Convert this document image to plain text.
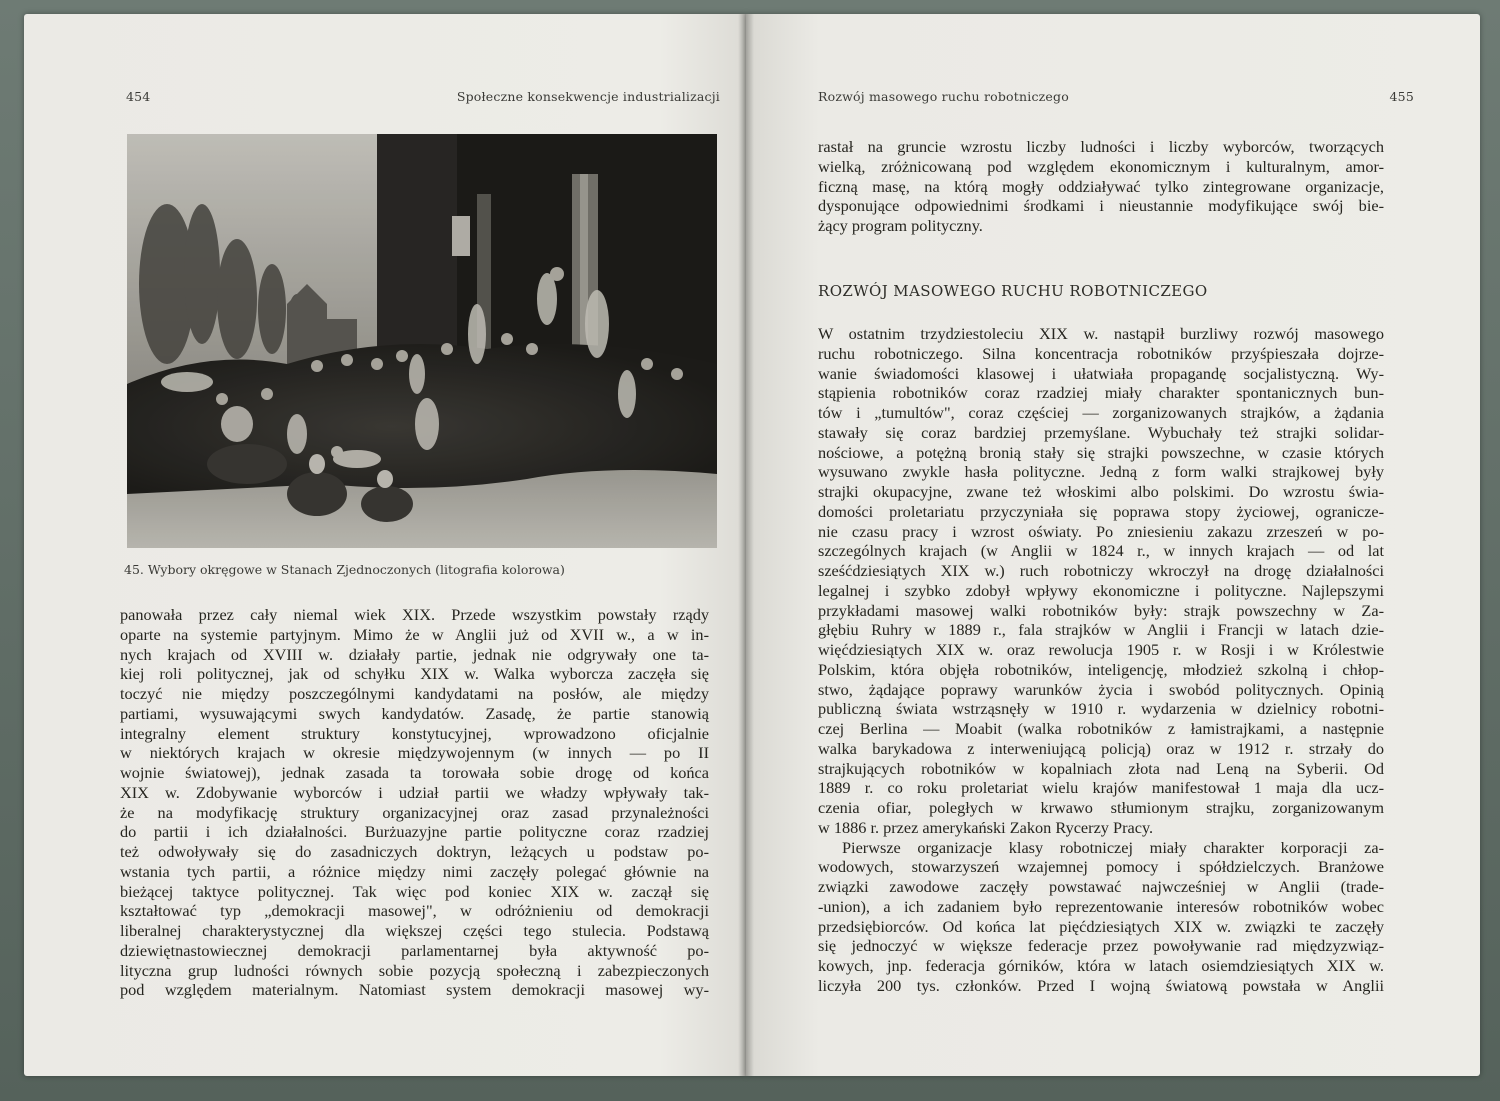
454	Społeczne konsekwencje industrializacji
45. Wybory okręgowe w Stanach Zjednoczonych (litografia kolorowa)
panowała przez cały niemal wiek XIX. Przede wszystkim powstały rządy
oparte na systemie partyjnym. Mimo że w Anglii już od XVII w., a w in-
nych krajach od XVIII w. działały partie, jednak nie odgrywały one ta-
kiej roli politycznej, jak od schyłku XIX w. Walka wyborcza zaczęła się
toczyć nie między poszczególnymi kandydatami na posłów, ale między
partiami, wysuwającymi swych kandydatów. Zasadę, że partie stanowią
integralny element struktury konstytucyjnej, wprowadzono oficjalnie
w niektórych krajach w okresie międzywojennym (w innych — po II
wojnie światowej), jednak zasada ta torowała sobie drogę od końca
XIX w. Zdobywanie wyborców i udział partii we władzy wpływały tak-
że na modyfikację struktury organizacyjnej oraz zasad przynależności
do partii i ich działalności. Burżuazyjne partie polityczne coraz rzadziej
też odwoływały się do zasadniczych doktryn, leżących u podstaw po-
wstania tych partii, a różnice między nimi zaczęły polegać głównie na
bieżącej taktyce politycznej. Tak więc pod koniec XIX w. zaczął się
kształtować typ „demokracji masowej", w odróżnieniu od demokracji
liberalnej charakterystycznej dla większej części tego stulecia. Podstawą
dziewiętnastowiecznej demokracji parlamentarnej była aktywność po-
lityczna grup ludności równych sobie pozycją społeczną i zabezpieczonych
pod względem materialnym. Natomiast system demokracji masowej wy-
Rozwój masowego ruchu robotniczego	455
rastał na gruncie wzrostu liczby ludności i liczby wyborców, tworzących
wielką, zróżnicowaną pod względem ekonomicznym i kulturalnym, amor-
ficzną masę, na którą mogły oddziaływać tylko zintegrowane organizacje,
dysponujące odpowiednimi środkami i nieustannie modyfikujące swój bie-
żący program polityczny.
ROZWÓJ MASOWEGO RUCHU ROBOTNICZEGO
W ostatnim trzydziestoleciu XIX w. nastąpił burzliwy rozwój masowego
ruchu robotniczego. Silna koncentracja robotników przyśpieszała dojrze-
wanie świadomości klasowej i ułatwiała propagandę socjalistyczną. Wy-
stąpienia robotników coraz rzadziej miały charakter spontanicznych bun-
tów i „tumultów", coraz częściej — zorganizowanych strajków, a żądania
stawały się coraz bardziej przemyślane. Wybuchały też strajki solidar-
nościowe, a potężną bronią stały się strajki powszechne, w czasie których
wysuwano zwykle hasła polityczne. Jedną z form walki strajkowej były
strajki okupacyjne, zwane też włoskimi albo polskimi. Do wzrostu świa-
domości proletariatu przyczyniała się poprawa stopy życiowej, ogranicze-
nie czasu pracy i wzrost oświaty. Po zniesieniu zakazu zrzeszeń w po-
szczególnych krajach (w Anglii w 1824 r., w innych krajach — od lat
sześćdziesiątych XIX w.) ruch robotniczy wkroczył na drogę działalności
legalnej i szybko zdobył wpływy ekonomiczne i polityczne. Najlepszymi
przykładami masowej walki robotników były: strajk powszechny w Za-
głębiu Ruhry w 1889 r., fala strajków w Anglii i Francji w latach dzie-
więćdziesiątych XIX w. oraz rewolucja 1905 r. w Rosji i w Królestwie
Polskim, która objęła robotników, inteligencję, młodzież szkolną i chłop-
stwo, żądające poprawy warunków życia i swobód politycznych. Opinią
publiczną świata wstrząsnęły w 1910 r. wydarzenia w dzielnicy robotni-
czej Berlina — Moabit (walka robotników z łamistrajkami, a następnie
walka barykadowa z interweniującą policją) oraz w 1912 r. strzały do
strajkujących robotników w kopalniach złota nad Leną na Syberii. Od
1889 r. co roku proletariat wielu krajów manifestował 1 maja dla ucz-
czenia ofiar, poległych w krwawo stłumionym strajku, zorganizowanym
w 1886 r. przez amerykański Zakon Rycerzy Pracy.
Pierwsze organizacje klasy robotniczej miały charakter korporacji za-
wodowych, stowarzyszeń wzajemnej pomocy i spółdzielczych. Branżowe
związki zawodowe zaczęły powstawać najwcześniej w Anglii (trade-
-union), a ich zadaniem było reprezentowanie interesów robotników wobec
przedsiębiorców. Od końca lat pięćdziesiątych XIX w. związki te zaczęły
się jednoczyć w większe federacje przez powoływanie rad międzyzwiąz-
kowych, jnp. federacja górników, która w latach osiemdziesiątych XIX w.
liczyła 200 tys. członków. Przed I wojną światową powstała w Anglii
